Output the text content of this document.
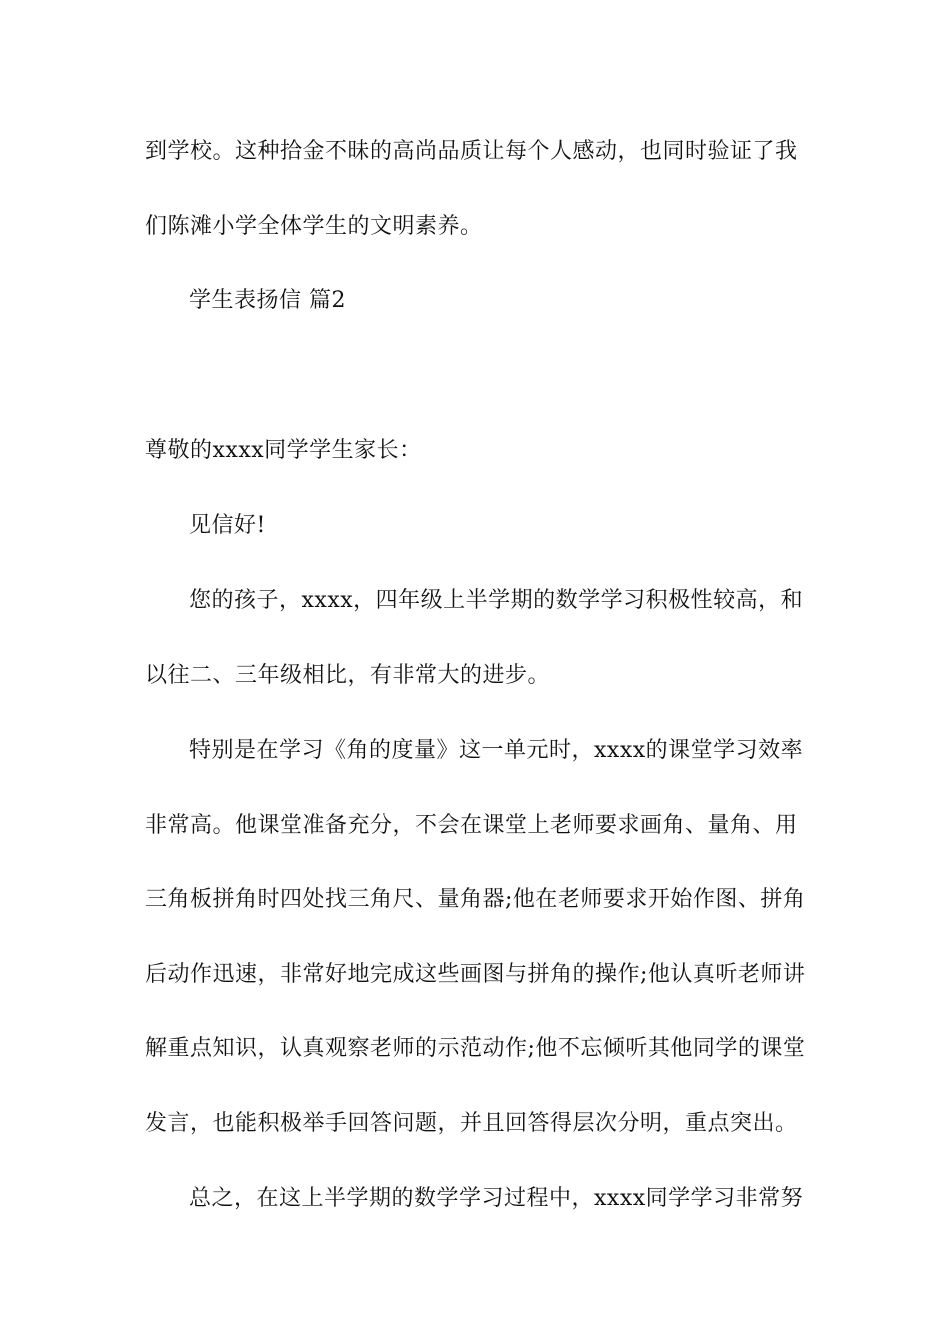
到学校。这种拾金不昧的高尚品质让每个人感动，也同时验证了我

们陈滩小学全体学生的文明素养。

学生表扬信 篇2

尊敬的xxxx同学学生家长：

见信好!

您的孩子，xxxx，四年级上半学期的数学学习积极性较高，和

以往二、三年级相比，有非常大的进步。

特别是在学习《角的度量》这一单元时，xxxx的课堂学习效率

非常高。他课堂准备充分，不会在课堂上老师要求画角、量角、用

三角板拼角时四处找三角尺、量角器;他在老师要求开始作图、拼角

后动作迅速，非常好地完成这些画图与拼角的操作;他认真听老师讲

解重点知识，认真观察老师的示范动作;他不忘倾听其他同学的课堂

发言，也能积极举手回答问题，并且回答得层次分明，重点突出。

总之，在这上半学期的数学学习过程中，xxxx同学学习非常努
